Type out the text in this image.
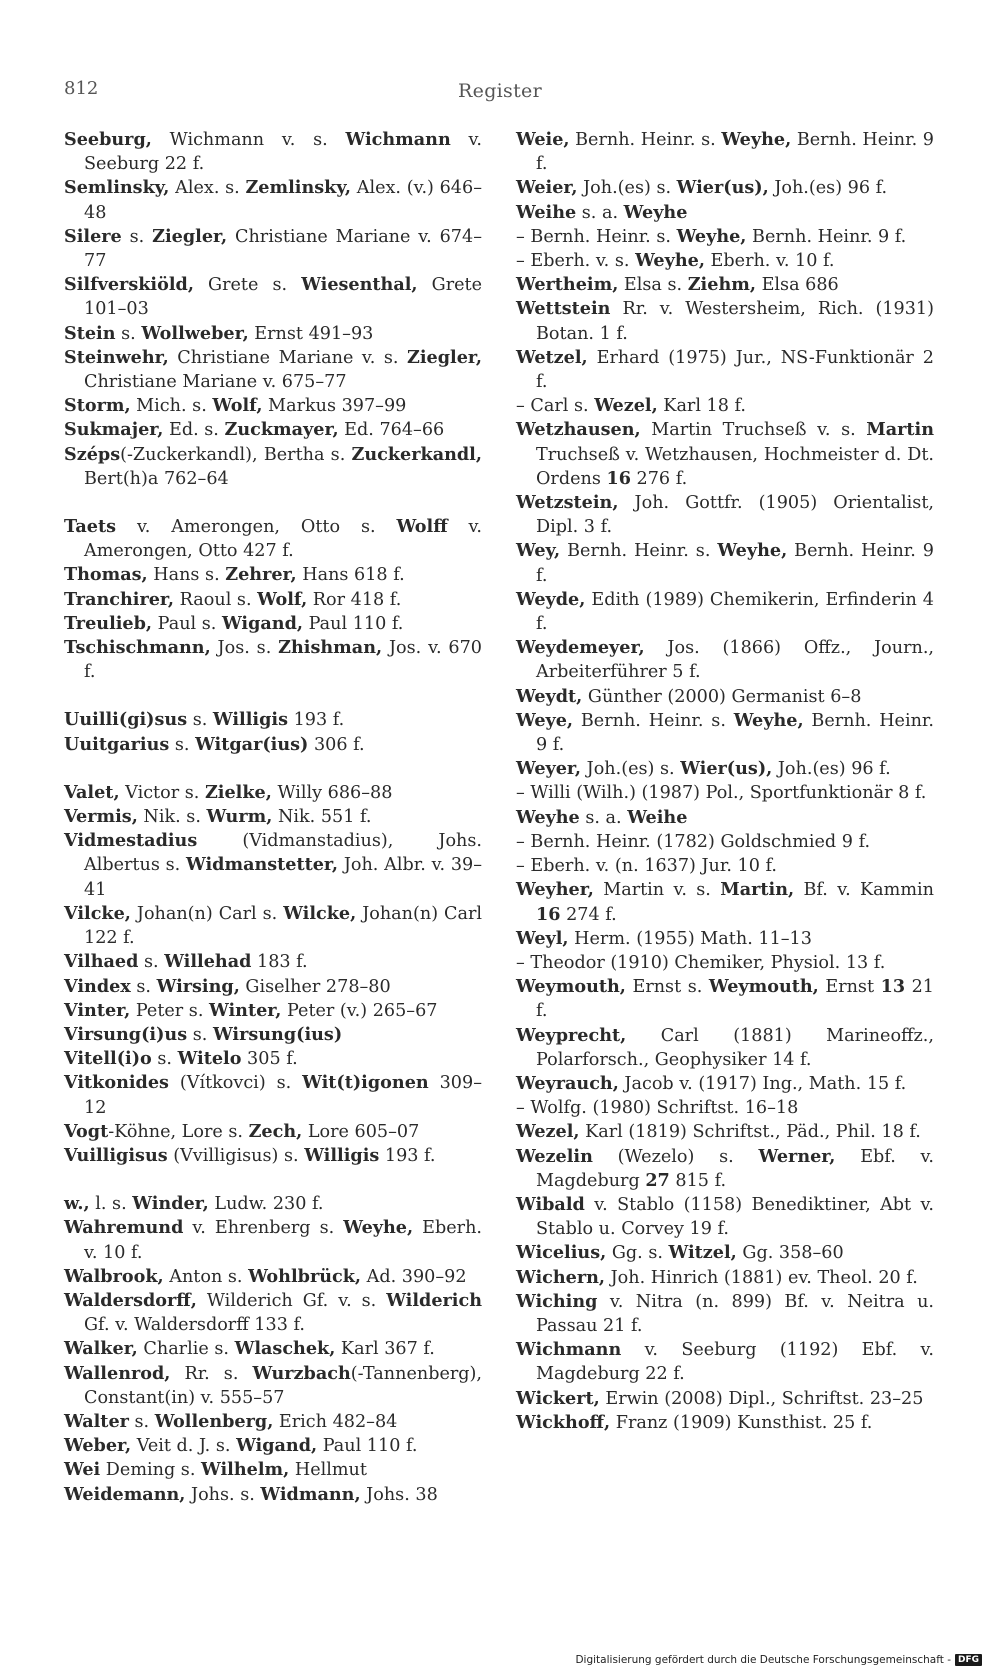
812	Register

Seeburg, Wichmann v. s. Wichmann v. Seeburg 22 f.

Semlinsky, Alex. s. Zemlinsky, Alex. (v.) 646–48

Silere s. Ziegler, Christiane Mariane v. 674–77

Silfverskiöld, Grete s. Wiesenthal, Grete 101–03

Stein s. Wollweber, Ernst 491–93

Steinwehr, Christiane Mariane v. s. Ziegler, Christiane Mariane v. 675–77

Storm, Mich. s. Wolf, Markus 397–99

Sukmajer, Ed. s. Zuckmayer, Ed. 764–66

Széps(-Zuckerkandl), Bertha s. Zuckerkandl, Bert(h)a 762–64

Taets v. Amerongen, Otto s. Wolff v. Amerongen, Otto 427 f.

Thomas, Hans s. Zehrer, Hans 618 f.

Tranchirer, Raoul s. Wolf, Ror 418 f.

Treulieb, Paul s. Wigand, Paul 110 f.

Tschischmann, Jos. s. Zhishman, Jos. v. 670 f.

Uuilli(gi)sus s. Willigis 193 f.

Uuitgarius s. Witgar(ius) 306 f.

Valet, Victor s. Zielke, Willy 686–88

Vermis, Nik. s. Wurm, Nik. 551 f.

Vidmestadius (Vidmanstadius), Johs. Albertus s. Widmanstetter, Joh. Albr. v. 39–41

Vilcke, Johan(n) Carl s. Wilcke, Johan(n) Carl 122 f.

Vilhaed s. Willehad 183 f.

Vindex s. Wirsing, Giselher 278–80

Vinter, Peter s. Winter, Peter (v.) 265–67

Virsung(i)us s. Wirsung(ius)

Vitell(i)o s. Witelo 305 f.

Vitkonides (Vítkovci) s. Wit(t)igonen 309–12

Vogt-Köhne, Lore s. Zech, Lore 605–07

Vuilligisus (Vvilligisus) s. Willigis 193 f.

w., l. s. Winder, Ludw. 230 f.

Wahremund v. Ehrenberg s. Weyhe, Eberh. v. 10 f.

Walbrook, Anton s. Wohlbrück, Ad. 390–92

Waldersdorff, Wilderich Gf. v. s. Wilderich Gf. v. Waldersdorff 133 f.

Walker, Charlie s. Wlaschek, Karl 367 f.

Wallenrod, Rr. s. Wurzbach(-Tannenberg), Constant(in) v. 555–57

Walter s. Wollenberg, Erich 482–84

Weber, Veit d. J. s. Wigand, Paul 110 f.

Wei Deming s. Wilhelm, Hellmut

Weidemann, Johs. s. Widmann, Johs. 38

Weie, Bernh. Heinr. s. Weyhe, Bernh. Heinr. 9 f.

Weier, Joh.(es) s. Wier(us), Joh.(es) 96 f.

Weihe s. a. Weyhe

– Bernh. Heinr. s. Weyhe, Bernh. Heinr. 9 f.

– Eberh. v. s. Weyhe, Eberh. v. 10 f.

Wertheim, Elsa s. Ziehm, Elsa 686

Wettstein Rr. v. Westersheim, Rich. (1931) Botan. 1 f.

Wetzel, Erhard (1975) Jur., NS-Funktionär 2 f.

– Carl s. Wezel, Karl 18 f.

Wetzhausen, Martin Truchseß v. s. Martin Truchseß v. Wetzhausen, Hochmeister d. Dt. Ordens 16 276 f.

Wetzstein, Joh. Gottfr. (1905) Orientalist, Dipl. 3 f.

Wey, Bernh. Heinr. s. Weyhe, Bernh. Heinr. 9 f.

Weyde, Edith (1989) Chemikerin, Erfinderin 4 f.

Weydemeyer, Jos. (1866) Offz., Journ., Arbeiterführer 5 f.

Weydt, Günther (2000) Germanist 6–8

Weye, Bernh. Heinr. s. Weyhe, Bernh. Heinr. 9 f.

Weyer, Joh.(es) s. Wier(us), Joh.(es) 96 f.

– Willi (Wilh.) (1987) Pol., Sportfunktionär 8 f.

Weyhe s. a. Weihe

– Bernh. Heinr. (1782) Goldschmied 9 f.

– Eberh. v. (n. 1637) Jur. 10 f.

Weyher, Martin v. s. Martin, Bf. v. Kammin 16 274 f.

Weyl, Herm. (1955) Math. 11–13

– Theodor (1910) Chemiker, Physiol. 13 f.

Weymouth, Ernst s. Weymouth, Ernst 13 21 f.

Weyprecht, Carl (1881) Marineoffz., Polarforsch., Geophysiker 14 f.

Weyrauch, Jacob v. (1917) Ing., Math. 15 f.

– Wolfg. (1980) Schriftst. 16–18

Wezel, Karl (1819) Schriftst., Päd., Phil. 18 f.

Wezelin (Wezelo) s. Werner, Ebf. v. Magdeburg 27 815 f.

Wibald v. Stablo (1158) Benediktiner, Abt v. Stablo u. Corvey 19 f.

Wicelius, Gg. s. Witzel, Gg. 358–60

Wichern, Joh. Hinrich (1881) ev. Theol. 20 f.

Wiching v. Nitra (n. 899) Bf. v. Neitra u. Passau 21 f.

Wichmann v. Seeburg (1192) Ebf. v. Magdeburg 22 f.

Wickert, Erwin (2008) Dipl., Schriftst. 23–25

Wickhoff, Franz (1909) Kunsthist. 25 f.

Digitalisierung gefördert durch die Deutsche Forschungsgemeinschaft - DFG
